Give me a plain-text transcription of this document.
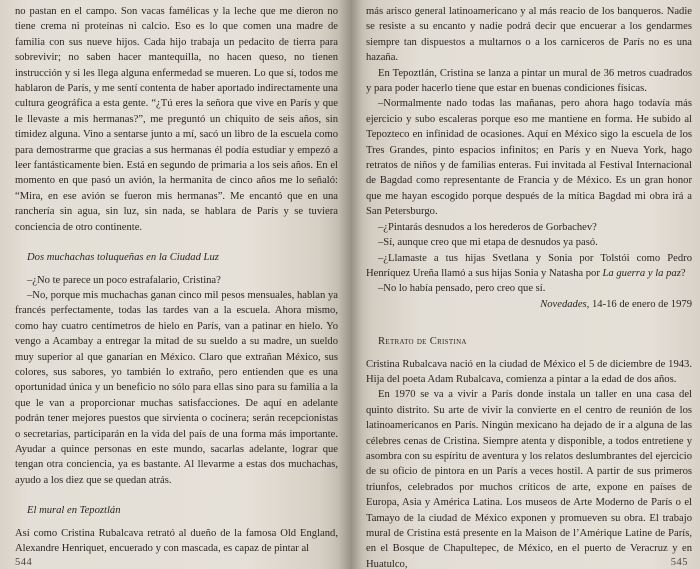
no pastan en el campo. Son vacas famélicas y la leche que me dieron no tiene crema ni proteínas ni calcio. Eso es lo que comen una madre de familia con sus nueve hijos. Cada hijo trabaja un pedacito de tierra para sobrevivir; no saben hacer mantequilla, no hacen queso, no tienen instrucción y si les llega alguna enfermedad se mueren. Lo que sí, todos me hablaron de París, y me sentí contenta de haber aportado indirectamente una cultura geográfica a esta gente. “¿Tú eres la señora que vive en París y que le llevaste a mis hermanas?”, me preguntó un chiquito de seis años, sin timidez alguna. Vino a sentarse junto a mí, sacó un libro de la escuela como para demostrarme que gracias a sus hermanas él podía estudiar y empezó a leer fantásticamente bien. Está en segundo de primaria a los seis años. En el momento en que pasó un avión, la hermanita de cinco años me lo señaló: “Mira, en ese avión se fueron mis hermanas”. Me encantó que en una ranchería sin agua, sin luz, sin nada, se hablara de París y se tuviera conciencia de otro continente.

Dos muchachas toluqueñas en la Ciudad Luz

–¿No te parece un poco estrafalario, Cristina?

–No, porque mis muchachas ganan cinco mil pesos mensuales, hablan ya francés perfectamente, todas las tardes van a la escuela. Ahora mismo, como hay cuatro centímetros de hielo en París, van a patinar en hielo. Yo vengo a Acambay a entregar la mitad de su sueldo a su madre, un sueldo muy superior al que ganarían en México. Claro que extrañan México, sus colores, sus sabores, yo también lo extraño, pero entienden que es una oportunidad única y un beneficio no sólo para ellas sino para su familia a la que le van a proporcionar muchas satisfacciones. De aquí en adelante podrán tener mejores puestos que sirvienta o cocinera; serán recepcionistas o secretarias, participarán en la vida del país de una forma más importante. Ayudar a quince personas en este mundo, sacarlas adelante, lograr que tengan otra conciencia, ya es bastante. Al llevarme a estas dos muchachas, ayudo a los diez que se quedan atrás.

El mural en Tepoztlán

Así como Cristina Rubalcava retrató al dueño de la famosa Old England, Alexandre Henriquet, encuerado y con mascada, es capaz de pintar al

544

más arisco general latinoamericano y al más reacio de los banqueros. Nadie se resiste a su encanto y nadie podrá decir que encuerar a los gendarmes siempre tan dispuestos a multarnos o a los carniceros de París no es una hazaña.

En Tepoztlán, Cristina se lanza a pintar un mural de 36 metros cuadrados y para poder hacerlo tiene que estar en buenas condiciones físicas.

–Normalmente nado todas las mañanas, pero ahora hago todavía más ejercicio y subo escaleras porque eso me mantiene en forma. He subido al Tepozteco en infinidad de ocasiones. Aquí en México sigo la escuela de los Tres Grandes, pinto espacios infinitos; en París y en Nueva York, hago retratos de niños y de familias enteras. Fui invitada al Festival Internacional de Bagdad como representante de Francia y de México. Es un gran honor que me hayan escogido porque después de la mítica Bagdad mi obra irá a San Petersburgo.

–¿Pintarás desnudos a los herederos de Gorbachev?

–Sí, aunque creo que mi etapa de desnudos ya pasó.

–¿Llamaste a tus hijas Svetlana y Sonia por Tolstói como Pedro Henríquez Ureña llamó a sus hijas Sonia y Natasha por La guerra y la paz?

–No lo había pensado, pero creo que sí.

Novedades, 14-16 de enero de 1979

Retrato de Cristina

Cristina Rubalcava nació en la ciudad de México el 5 de diciembre de 1943. Hija del poeta Adam Rubalcava, comienza a pintar a la edad de dos años.

En 1970 se va a vivir a París donde instala un taller en una casa del quinto distrito. Su arte de vivir la convierte en el centro de reunión de los latinoamericanos en París. Ningún mexicano ha dejado de ir a alguna de las célebres cenas de Cristina. Siempre atenta y disponible, a todos entretiene y asombra con su espíritu de aventura y los relatos deslumbrantes del ejercicio de su oficio de pintora en un París a veces hostil. A partir de sus primeros triunfos, celebrados por muchos críticos de arte, expone en países de Europa, Asia y América Latina. Los museos de Arte Moderno de París o el Tamayo de la ciudad de México exponen y promueven su obra. El trabajo mural de Cristina está presente en la Maison de l’Amérique Latine de París, en el Bosque de Chapultepec, de México, en el puerto de Veracruz y en Huatulco,	545
